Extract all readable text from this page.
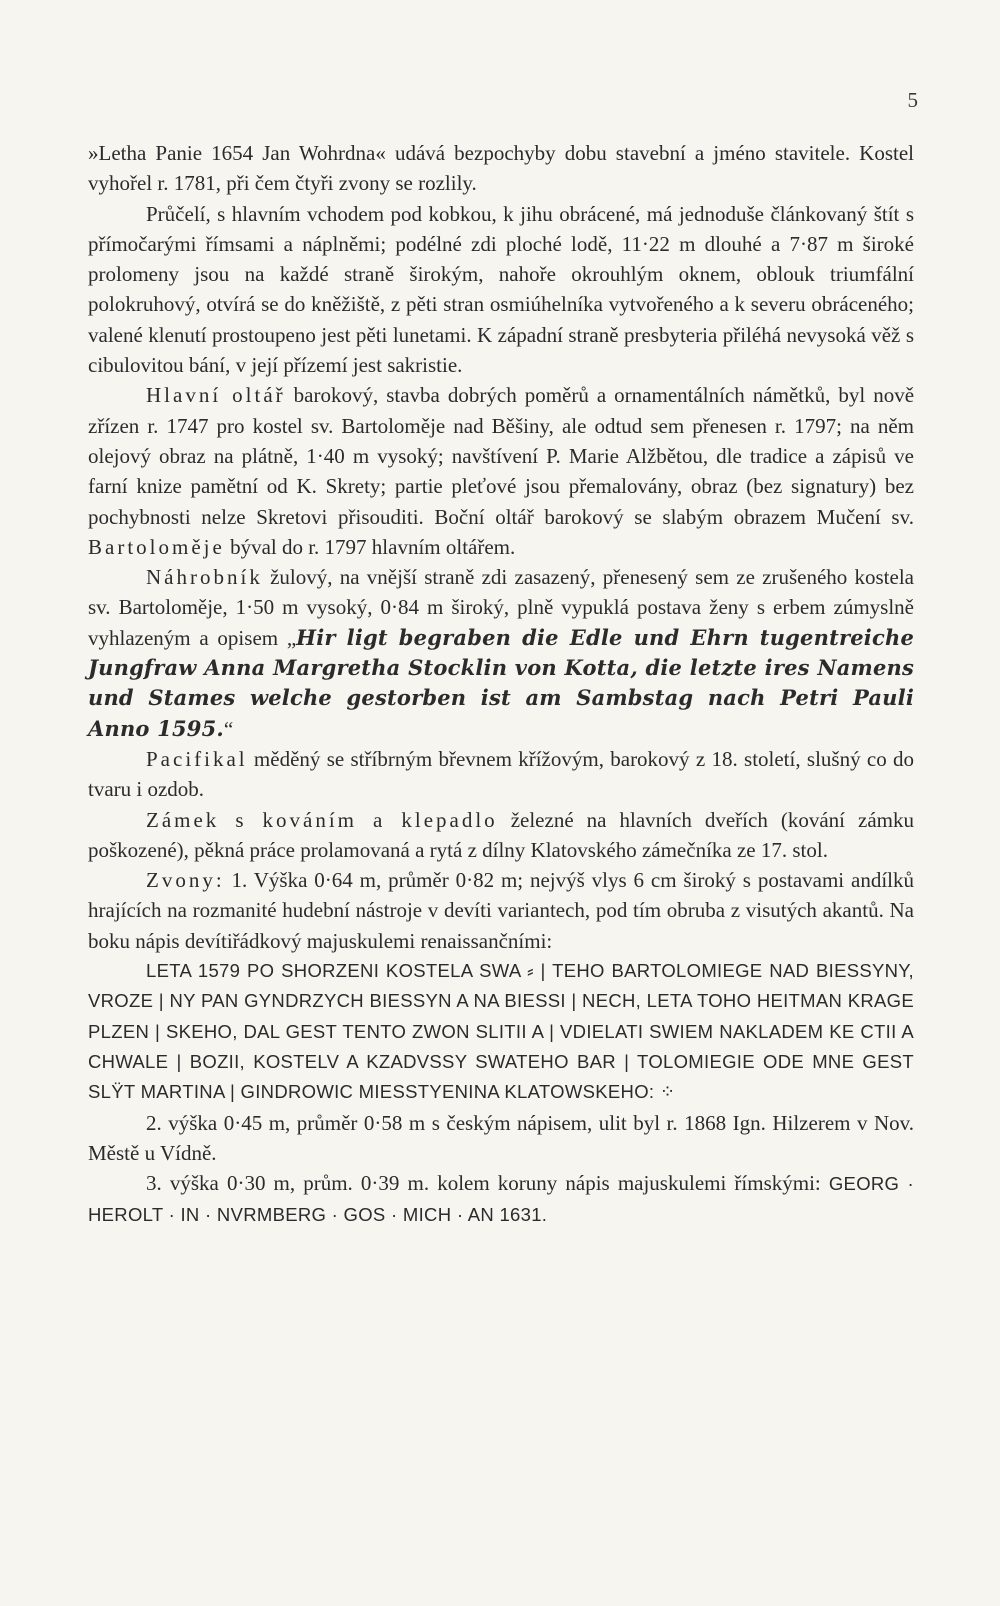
5

»Letha Panie 1654 Jan Wohrdna« udává bezpochyby dobu stavební a jméno stavitele. Kostel vyhořel r. 1781, při čem čtyři zvony se rozlily.

Průčelí, s hlavním vchodem pod kobkou, k jihu obrácené, má jednoduše článkovaný štít s přímočarými římsami a náplněmi; podélné zdi ploché lodě, 11·22 m dlouhé a 7·87 m široké prolomeny jsou na každé straně širokým, nahoře okrouhlým oknem, oblouk triumfální polokruhový, otvírá se do kněžiště, z pěti stran osmiúhelníka vytvořeného a k severu obráceného; valené klenutí prostoupeno jest pěti lunetami. K západní straně presbyteria přiléhá nevysoká věž s cibulovitou bání, v její přízemí jest sakristie.

Hlavní oltář barokový, stavba dobrých poměrů a ornamentálních námětků, byl nově zřízen r. 1747 pro kostel sv. Bartoloměje nad Běšiny, ale odtud sem přenesen r. 1797; na něm olejový obraz na plátně, 1·40 m vysoký; navštívení P. Marie Alžbětou, dle tradice a zápisů ve farní knize pamětní od K. Skrety; partie pleťové jsou přemalovány, obraz (bez signatury) bez pochybnosti nelze Skretovi přisouditi. Boční oltář barokový se slabým obrazem Mučení sv. Bartoloměje býval do r. 1797 hlavním oltářem.

Náhrobník žulový, na vnější straně zdi zasazený, přenesený sem ze zrušeného kostela sv. Bartoloměje, 1·50 m vysoký, 0·84 m široký, plně vypuklá postava ženy s erbem zúmyslně vyhlazeným a opisem „Hir ligt begraben die Edle und Ehrn tugentreiche Jungfraw Anna Margretha Stocklin von Kotta, die letzte ires Namens und Stames welche gestorben ist am Sambstag nach Petri Pauli Anno 1595.“

Pacifikal měděný se stříbrným břevnem křížovým, barokový z 18. století, slušný co do tvaru i ozdob.

Zámek s kováním a klepadlo železné na hlavních dveřích (kování zámku poškozené), pěkná práce prolamovaná a rytá z dílny Klatovského zámečníka ze 17. stol.

Zvony: 1. Výška 0·64 m, průměr 0·82 m; nejvýš vlys 6 cm široký s postavami andílků hrajících na rozmanité hudební nástroje v devíti variantech, pod tím obruba z visutých akantů. Na boku nápis devítiřádkový majuskulemi renaissančními:

LETA 1579 PO SHORZENI KOSTELA SWA ⸗ | TEHO BARTOLOMIEGE NAD BIESSYNY, VROZE | NY PAN GYNDRZYCH BIESSYN A NA BIESSI | NECH, LETA TOHO HEITMAN KRAGE PLZEN | SKEHO, DAL GEST TENTO ZWON SLITII A | VDIELATI SWIEM NAKLADEM KE CTII A CHWALE | BOZII, KOSTELV A KZADVSSY SWATEHO BAR | TOLOMIEGIE ODE MNE GEST SLŸT MARTINA | GINDROWIC MIESSTYENINA KLATOWSKEHO: ⁘

2. výška 0·45 m, průměr 0·58 m s českým nápisem, ulit byl r. 1868 Ign. Hilzerem v Nov. Městě u Vídně.

3. výška 0·30 m, prům. 0·39 m. kolem koruny nápis majuskulemi římskými: GEORG · HEROLT · IN · NVRMBERG · GOS · MICH · AN 1631.
